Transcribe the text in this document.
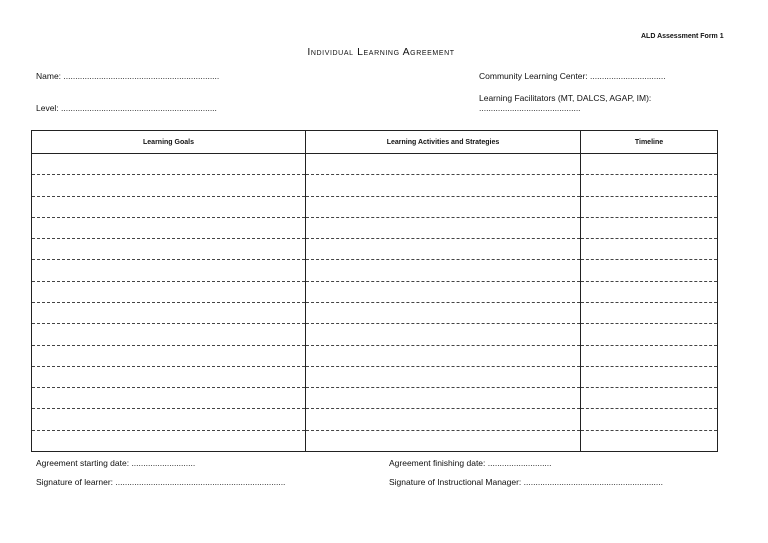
ALD Assessment Form 1
Individual Learning Agreement
Name: ..................................................................
Level: ..................................................................
Community Learning Center: ................................
Learning Facilitators (MT, DALCS, AGAP, IM):
...........................................
Learning Goals	Learning Activities and Strategies	Timeline

Agreement starting date: ...........................	Agreement finishing date: ...........................
Signature of learner: ........................................................................	Signature of Instructional Manager: ...........................................................
